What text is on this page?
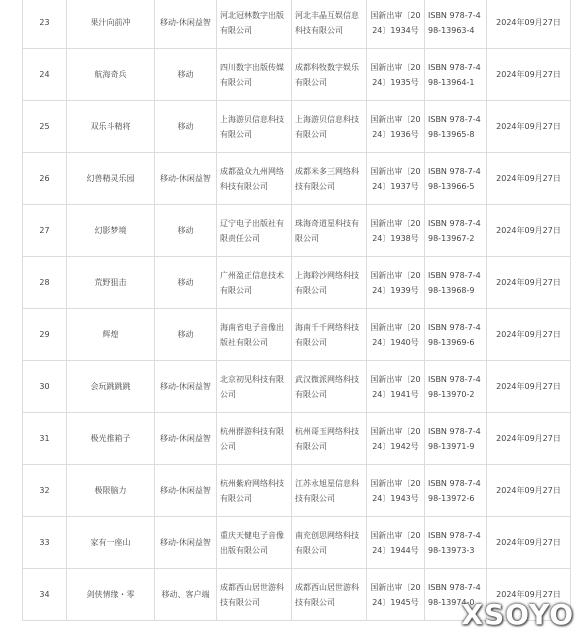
23	果汁向前冲	移动-休闲益智	河北冠林数字出版有限公司	河北丰晶互娱信息科技有限公司	国新出审〔2024〕1934号	ISBN 978-7-498-13963-4	2024年09月27日
24	航海奇兵	移动	四川数字出版传媒有限公司	成都科牧数字娱乐有限公司	国新出审〔2024〕1935号	ISBN 978-7-498-13964-1	2024年09月27日
25	双乐斗精将	移动	上海游贝信息科技有限公司	上海游贝信息科技有限公司	国新出审〔2024〕1936号	ISBN 978-7-498-13965-8	2024年09月27日
26	幻兽精灵乐园	移动-休闲益智	成都盈众九州网络科技有限公司	成都米多三网络科技有限公司	国新出审〔2024〕1937号	ISBN 978-7-498-13966-5	2024年09月27日
27	幻影梦境	移动	辽宁电子出版社有限责任公司	珠海奇道星科技有限公司	国新出审〔2024〕1938号	ISBN 978-7-498-13967-2	2024年09月27日
28	荒野狙击	移动	广州盈正信息技术有限公司	上海聆沙网络科技有限公司	国新出审〔2024〕1939号	ISBN 978-7-498-13968-9	2024年09月27日
29	辉煌	移动	海南省电子音像出版社有限公司	海南千千网络科技有限公司	国新出审〔2024〕1940号	ISBN 978-7-498-13969-6	2024年09月27日
30	会玩跳跳跳	移动-休闲益智	北京初见科技有限公司	武汉微派网络科技有限公司	国新出审〔2024〕1941号	ISBN 978-7-498-13970-2	2024年09月27日
31	极光推箱子	移动-休闲益智	杭州群游科技有限公司	杭州哥玉网络科技有限公司	国新出审〔2024〕1942号	ISBN 978-7-498-13971-9	2024年09月27日
32	极限脑力	移动-休闲益智	杭州紫府网络科技有限公司	江苏永旭星信息科技有限公司	国新出审〔2024〕1943号	ISBN 978-7-498-13972-6	2024年09月27日
33	家有一座山	移动-休闲益智	重庆天健电子音像出版有限公司	南充创思网络科技有限公司	国新出审〔2024〕1944号	ISBN 978-7-498-13973-3	2024年09月27日
34	剑侠情缘・零	移动、客户端	成都西山居世游科技有限公司	成都西山居世游科技有限公司	国新出审〔2024〕1945号	ISBN 978-7-498-13974-0	2024年09月27日
XSOYO
